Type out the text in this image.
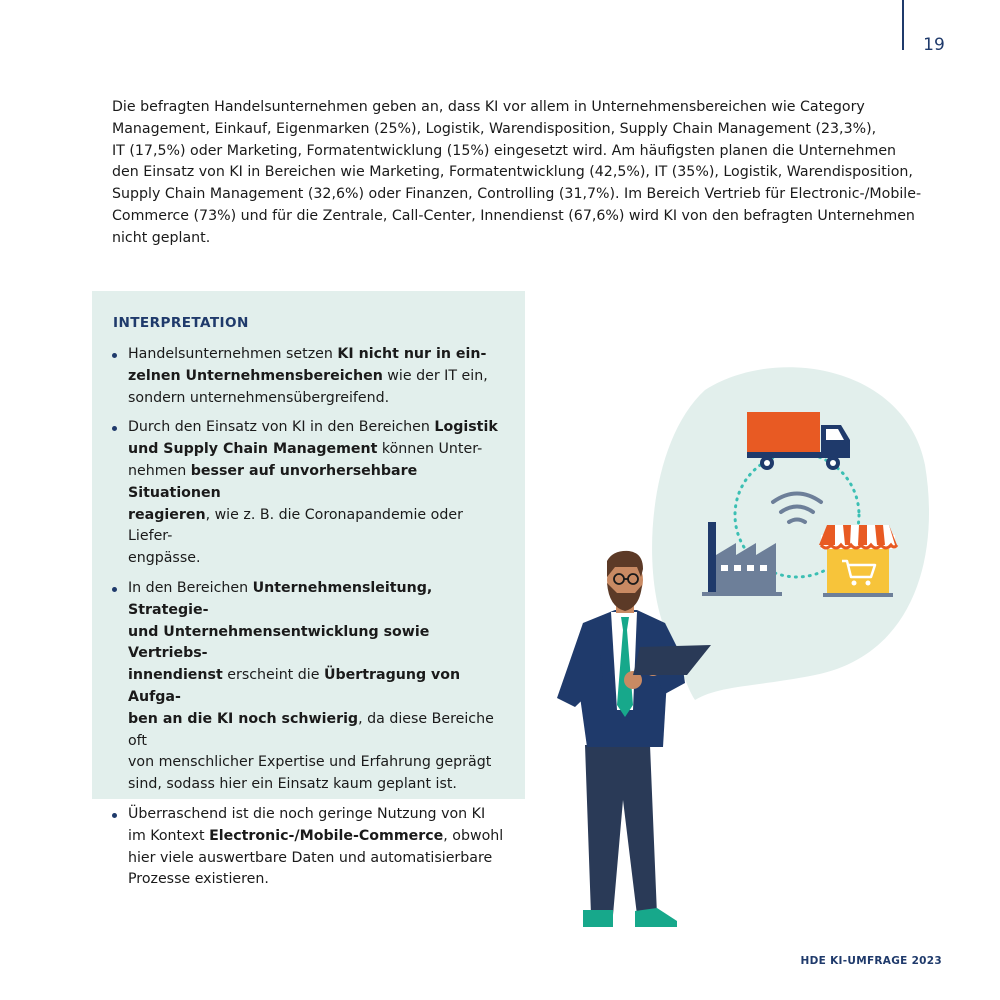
19

Die befragten Handelsunternehmen geben an, dass KI vor allem in Unternehmensbereichen wie Category
Management, Einkauf, Eigenmarken (25%), Logistik, Warendisposition, Supply Chain Management (23,3%),
IT (17,5%) oder Marketing, Formatentwicklung (15%) eingesetzt wird. Am häufigsten planen die Unternehmen
den Einsatz von KI in Bereichen wie Marketing, Formatentwicklung (42,5%), IT (35%), Logistik, Warendisposition,
Supply Chain Management (32,6%) oder Finanzen, Controlling (31,7%). Im Bereich Vertrieb für Electronic-/Mobile-
Commerce (73%) und für die Zentrale, Call-Center, Innendienst (67,6%) wird KI von den befragten Unternehmen
nicht geplant.

INTERPRETATION
Handelsunternehmen setzen KI nicht nur in ein-
zelnen Unternehmensbereichen wie der IT ein,
sondern unternehmensübergreifend.
Durch den Einsatz von KI in den Bereichen Logistik
und Supply Chain Management können Unter-
nehmen besser auf unvorhersehbare Situationen
reagieren, wie z. B. die Coronapandemie oder Liefer-
engpässe.
In den Bereichen Unternehmensleitung, Strategie-
und Unternehmensentwicklung sowie Vertriebs-
innendienst erscheint die Übertragung von Aufga-
ben an die KI noch schwierig, da diese Bereiche oft
von menschlicher Expertise und Erfahrung geprägt
sind, sodass hier ein Einsatz kaum geplant ist.
Überraschend ist die noch geringe Nutzung von KI
im Kontext Electronic-/Mobile-Commerce, obwohl
hier viele auswertbare Daten und automatisierbare
Prozesse existieren.
HDE KI-UMFRAGE 2023
